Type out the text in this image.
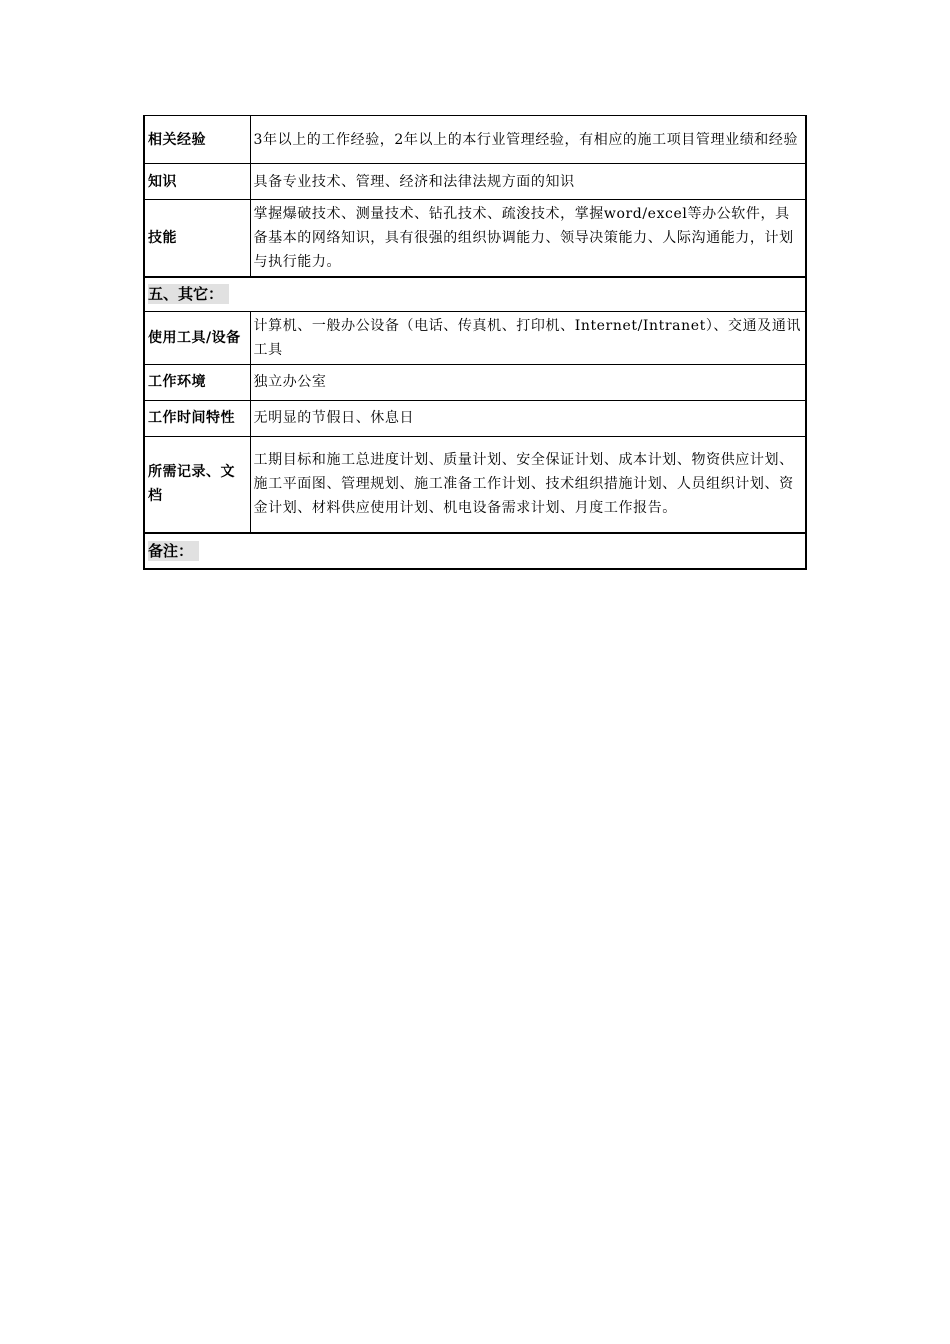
相关经验	3年以上的工作经验，2年以上的本行业管理经验，有相应的施工项目管理业绩和经验
知识	具备专业技术、管理、经济和法律法规方面的知识
技能	掌握爆破技术、测量技术、钻孔技术、疏浚技术，掌握word/excel等办公软件，具备基本的网络知识，具有很强的组织协调能力、领导决策能力、人际沟通能力，计划与执行能力。
五、其它：	
使用工具/设备	计算机、一般办公设备（电话、传真机、打印机、Internet/Intranet）、交通及通讯工具
工作环境	独立办公室
工作时间特性	无明显的节假日、休息日
所需记录、文档	工期目标和施工总进度计划、质量计划、安全保证计划、成本计划、物资供应计划、施工平面图、管理规划、施工准备工作计划、技术组织措施计划、人员组织计划、资金计划、材料供应使用计划、机电设备需求计划、月度工作报告。
备注：	
